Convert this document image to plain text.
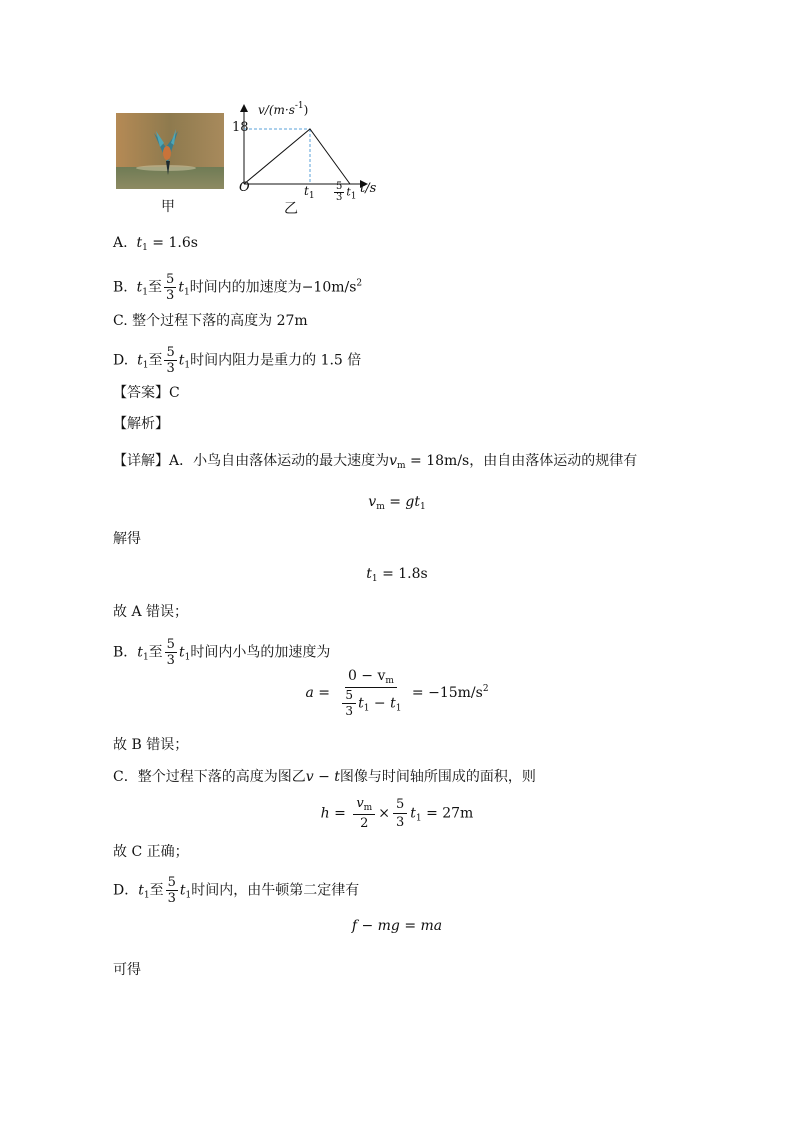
甲
$v/(m\cdot s^{-1})$
18
O	$t_1 \frac{5}{3} t_1$
t/s
乙
A. $t_1 = 1.6s$
B. $t_1$至 $\frac{5}{3} t_1$时间内的加速度为$-10m/s^2$
C. 整个过程下落的高度为 27m
D. $t_1$至 $\frac{5}{3} t_1$时间内阻力是重力的 1.5 倍
【答案】C
【解析】
【详解】A．小鸟自由落体运动的最大速度为$v_m = 18m/s$，由自由落体运动的规律有
$v_m = gt_1$
解得
$t_1 = 1.8s$
故 A 错误；
B．$t_1$至 $\frac{5}{3} t_1$时间内小鸟的加速度为
$a = \frac{0 - v_m}{\frac{5}{3} t_1 - t_1} = -15m/s^2$
故 B 错误；
C．整个过程下落的高度为图乙v − t图像与时间轴所围成的面积，则
$h = \frac{v_m}{2} \times \frac{5}{3} t_1 = 27m$
故 C 正确；
D．$t_1$至 $\frac{5}{3} t_1$时间内，由牛顿第二定律有
f − mg = ma
可得
